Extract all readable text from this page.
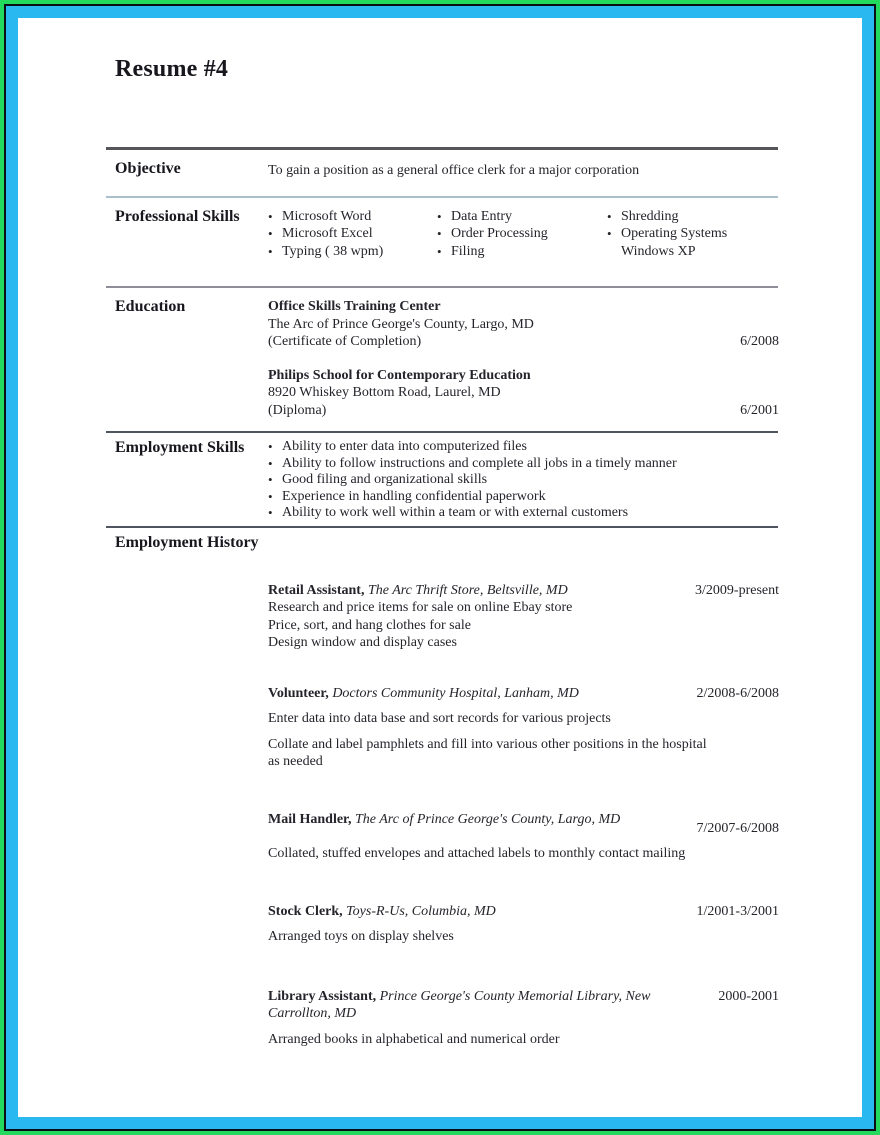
Resume #4
Objective	To gain a position as a general office clerk for a major corporation
Professional Skills	• Microsoft Word
• Microsoft Excel
• Typing ( 38 wpm)
• Data Entry
• Order Processing
• Filing
• Shredding
• Operating Systems Windows XP
Education	Office Skills Training Center
The Arc of Prince George's County, Largo, MD
(Certificate of Completion)	6/2008
Philips School for Contemporary Education
8920 Whiskey Bottom Road, Laurel, MD
(Diploma)	6/2001
Employment Skills	• Ability to enter data into computerized files
• Ability to follow instructions and complete all jobs in a timely manner
• Good filing and organizational skills
• Experience in handling confidential paperwork
• Ability to work well within a team or with external customers
Employment History
Retail Assistant, The Arc Thrift Store, Beltsville, MD	3/2009-present
Research and price items for sale on online Ebay store
Price, sort, and hang clothes for sale
Design window and display cases
Volunteer, Doctors Community Hospital, Lanham, MD	2/2008-6/2008
Enter data into data base and sort records for various projects
Collate and label pamphlets and fill into various other positions in the hospital as needed
Mail Handler, The Arc of Prince George's County, Largo, MD
7/2007-6/2008
Collated, stuffed envelopes and attached labels to monthly contact mailing
Stock Clerk, Toys-R-Us, Columbia, MD	1/2001-3/2001
Arranged toys on display shelves
Library Assistant, Prince George's County Memorial Library, New Carrollton, MD
2000-2001
Arranged books in alphabetical and numerical order
